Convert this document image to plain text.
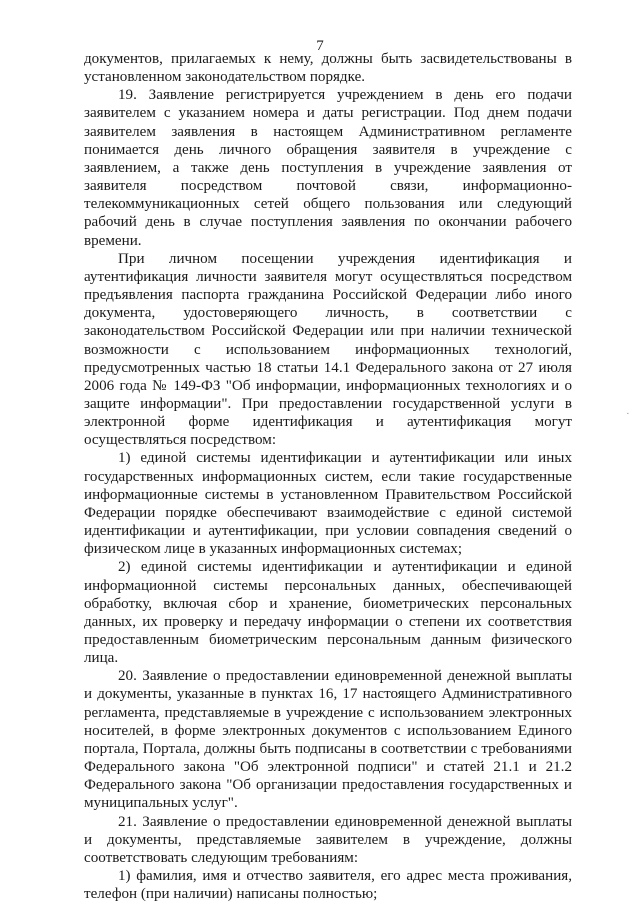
7

документов, прилагаемых к нему, должны быть засвидетельствованы в установленном законодательством порядке.

19. Заявление регистрируется учреждением в день его подачи заявителем с указанием номера и даты регистрации. Под днем подачи заявителем заявления в настоящем Административном регламенте понимается день личного обращения заявителя в учреждение с заявлением, а также день поступления в учреждение заявления от заявителя посредством почтовой связи, информационно-телекоммуникационных сетей общего пользования или следующий рабочий день в случае поступления заявления по окончании рабочего времени.

При личном посещении учреждения идентификация и аутентификация личности заявителя могут осуществляться посредством предъявления паспорта гражданина Российской Федерации либо иного документа, удостоверяющего личность, в соответствии с законодательством Российской Федерации или при наличии технической возможности с использованием информационных технологий, предусмотренных частью 18 статьи 14.1 Федерального закона от 27 июля 2006 года № 149-ФЗ "Об информации, информационных технологиях и о защите информации". При предоставлении государственной услуги в электронной форме идентификация и аутентификация могут осуществляться посредством:

1) единой системы идентификации и аутентификации или иных государственных информационных систем, если такие государственные информационные системы в установленном Правительством Российской Федерации порядке обеспечивают взаимодействие с единой системой идентификации и аутентификации, при условии совпадения сведений о физическом лице в указанных информационных системах;

2) единой системы идентификации и аутентификации и единой информационной системы персональных данных, обеспечивающей обработку, включая сбор и хранение, биометрических персональных данных, их проверку и передачу информации о степени их соответствия предоставленным биометрическим персональным данным физического лица.

20. Заявление о предоставлении единовременной денежной выплаты и документы, указанные в пунктах 16, 17 настоящего Административного регламента, представляемые в учреждение с использованием электронных носителей, в форме электронных документов с использованием Единого портала, Портала, должны быть подписаны в соответствии с требованиями Федерального закона "Об электронной подписи" и статей 21.1 и 21.2 Федерального закона "Об организации предоставления государственных и муниципальных услуг".

21. Заявление о предоставлении единовременной денежной выплаты и документы, представляемые заявителем в учреждение, должны соответствовать следующим требованиям:

1) фамилия, имя и отчество заявителя, его адрес места проживания, телефон (при наличии) написаны полностью;

·
